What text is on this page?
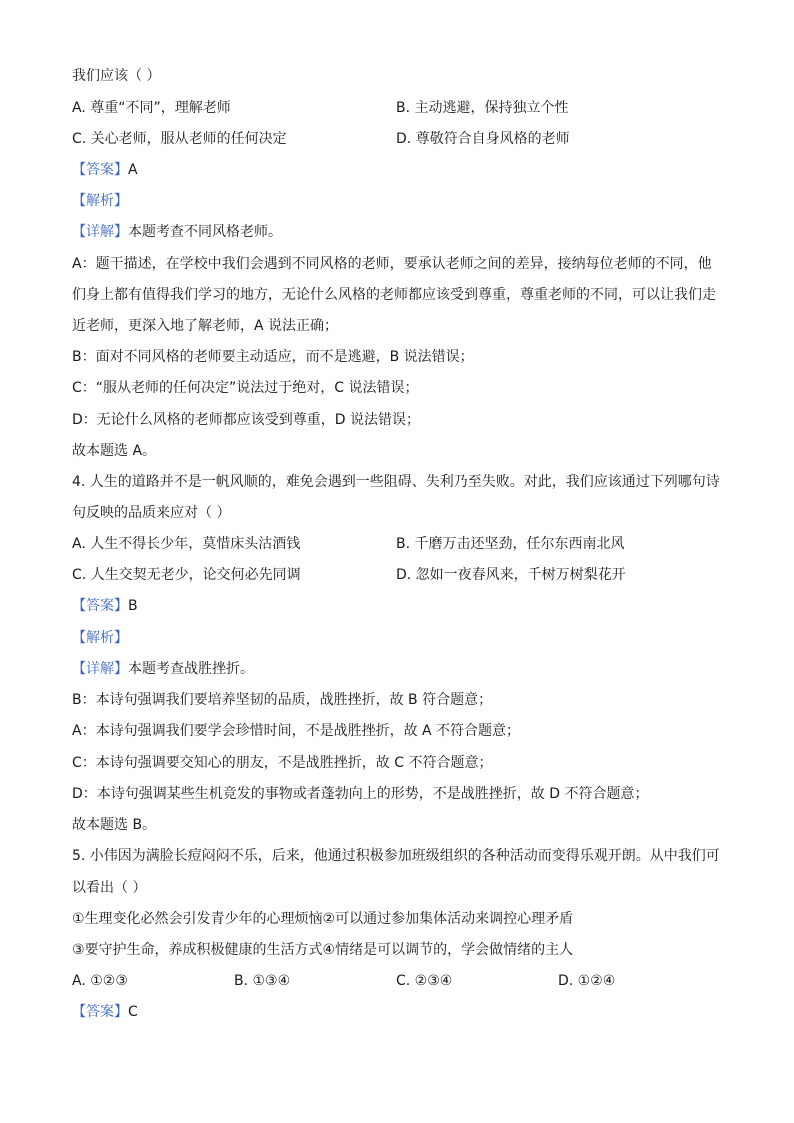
我们应该（ ）
A. 尊重“不同”，理解老师	B. 主动逃避，保持独立个性
C. 关心老师，服从老师的任何决定	D. 尊敬符合自身风格的老师
【答案】A
【解析】
【详解】本题考查不同风格老师。
A：题干描述，在学校中我们会遇到不同风格的老师，要承认老师之间的差异，接纳每位老师的不同，他
们身上都有值得我们学习的地方，无论什么风格的老师都应该受到尊重，尊重老师的不同，可以让我们走
近老师，更深入地了解老师，A 说法正确；
B：面对不同风格的老师要主动适应，而不是逃避，B 说法错误；
C：“服从老师的任何决定”说法过于绝对，C 说法错误；
D：无论什么风格的老师都应该受到尊重，D 说法错误；
故本题选 A。
4. 人生的道路并不是一帆风顺的，难免会遇到一些阻碍、失利乃至失败。对此，我们应该通过下列哪句诗
句反映的品质来应对（ ）
A. 人生不得长少年，莫惜床头沽酒钱	B. 千磨万击还坚劲，任尔东西南北风
C. 人生交契无老少，论交何必先同调	D. 忽如一夜春风来，千树万树梨花开
【答案】B
【解析】
【详解】本题考查战胜挫折。
B：本诗句强调我们要培养坚韧的品质，战胜挫折，故 B 符合题意；
A：本诗句强调我们要学会珍惜时间，不是战胜挫折，故 A 不符合题意；
C：本诗句强调要交知心的朋友，不是战胜挫折，故 C 不符合题意；
D：本诗句强调某些生机竞发的事物或者蓬勃向上的形势，不是战胜挫折，故 D 不符合题意；
故本题选 B。
5. 小伟因为满脸长痘闷闷不乐，后来，他通过积极参加班级组织的各种活动而变得乐观开朗。从中我们可
以看出（ ）
①生理变化必然会引发青少年的心理烦恼②可以通过参加集体活动来调控心理矛盾
③要守护生命，养成积极健康的生活方式④情绪是可以调节的，学会做情绪的主人
A. ①②③	B. ①③④	C. ②③④	D. ①②④
【答案】C
